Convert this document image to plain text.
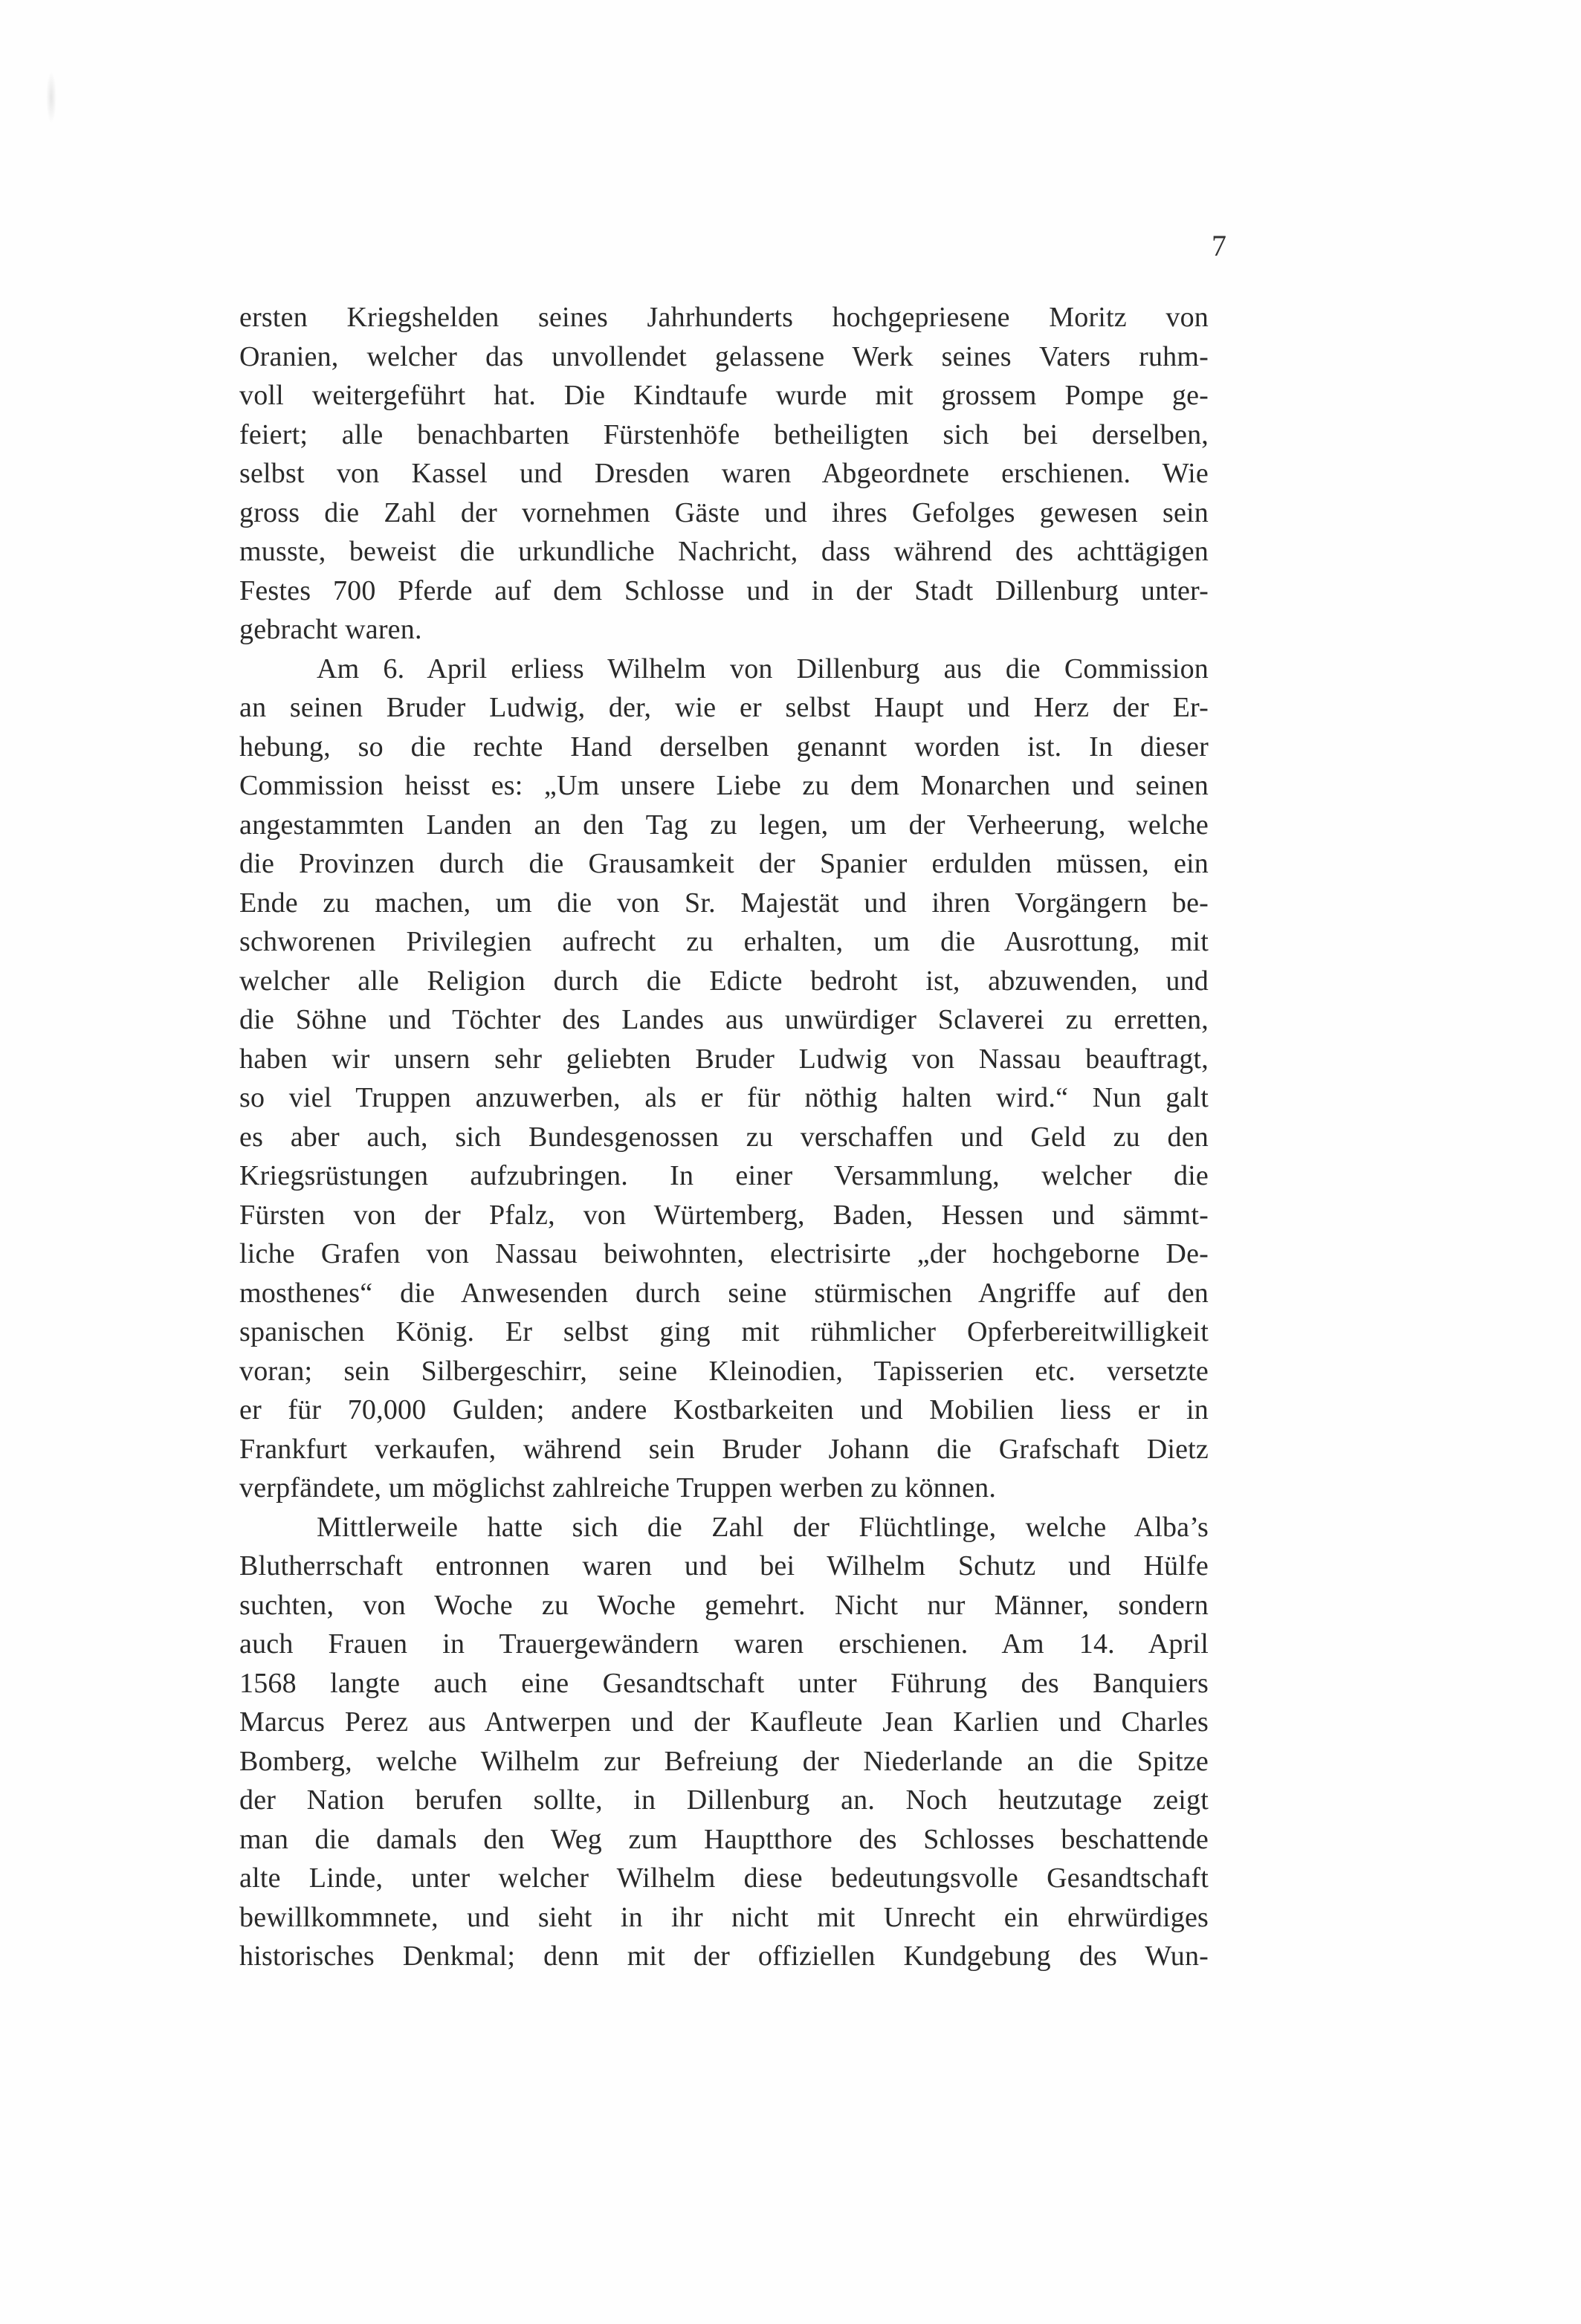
7
ersten Kriegshelden seines Jahrhunderts hochgepriesene Moritz von
Oranien, welcher das unvollendet gelassene Werk seines Vaters ruhm-
voll weitergeführt hat. Die Kindtaufe wurde mit grossem Pompe ge-
feiert; alle benachbarten Fürstenhöfe betheiligten sich bei derselben,
selbst von Kassel und Dresden waren Abgeordnete erschienen. Wie
gross die Zahl der vornehmen Gäste und ihres Gefolges gewesen sein
musste, beweist die urkundliche Nachricht, dass während des achttägigen
Festes 700 Pferde auf dem Schlosse und in der Stadt Dillenburg unter-
gebracht waren.
Am 6. April erliess Wilhelm von Dillenburg aus die Commission
an seinen Bruder Ludwig, der, wie er selbst Haupt und Herz der Er-
hebung, so die rechte Hand derselben genannt worden ist. In dieser
Commission heisst es: „Um unsere Liebe zu dem Monarchen und seinen
angestammten Landen an den Tag zu legen, um der Verheerung, welche
die Provinzen durch die Grausamkeit der Spanier erdulden müssen, ein
Ende zu machen, um die von Sr. Majestät und ihren Vorgängern be-
schworenen Privilegien aufrecht zu erhalten, um die Ausrottung, mit
welcher alle Religion durch die Edicte bedroht ist, abzuwenden, und
die Söhne und Töchter des Landes aus unwürdiger Sclaverei zu erretten,
haben wir unsern sehr geliebten Bruder Ludwig von Nassau beauftragt,
so viel Truppen anzuwerben, als er für nöthig halten wird.“ Nun galt
es aber auch, sich Bundesgenossen zu verschaffen und Geld zu den
Kriegsrüstungen aufzubringen. In einer Versammlung, welcher die
Fürsten von der Pfalz, von Würtemberg, Baden, Hessen und sämmt-
liche Grafen von Nassau beiwohnten, electrisirte „der hochgeborne De-
mosthenes“ die Anwesenden durch seine stürmischen Angriffe auf den
spanischen König. Er selbst ging mit rühmlicher Opferbereitwilligkeit
voran; sein Silbergeschirr, seine Kleinodien, Tapisserien etc. versetzte
er für 70,000 Gulden; andere Kostbarkeiten und Mobilien liess er in
Frankfurt verkaufen, während sein Bruder Johann die Grafschaft Dietz
verpfändete, um möglichst zahlreiche Truppen werben zu können.
Mittlerweile hatte sich die Zahl der Flüchtlinge, welche Alba’s
Blutherrschaft entronnen waren und bei Wilhelm Schutz und Hülfe
suchten, von Woche zu Woche gemehrt. Nicht nur Männer, sondern
auch Frauen in Trauergewändern waren erschienen. Am 14. April
1568 langte auch eine Gesandtschaft unter Führung des Banquiers
Marcus Perez aus Antwerpen und der Kaufleute Jean Karlien und Charles
Bomberg, welche Wilhelm zur Befreiung der Niederlande an die Spitze
der Nation berufen sollte, in Dillenburg an. Noch heutzutage zeigt
man die damals den Weg zum Hauptthore des Schlosses beschattende
alte Linde, unter welcher Wilhelm diese bedeutungsvolle Gesandtschaft
bewillkommnete, und sieht in ihr nicht mit Unrecht ein ehrwürdiges
historisches Denkmal; denn mit der offiziellen Kundgebung des Wun-
